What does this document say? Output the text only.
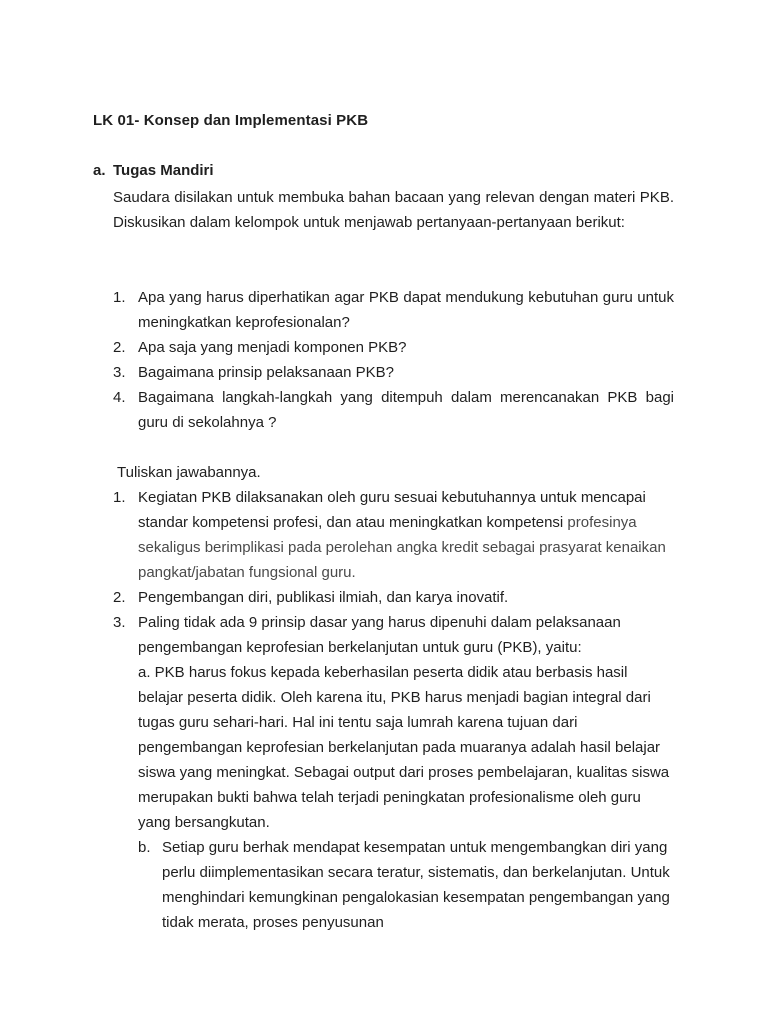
LK 01- Konsep dan Implementasi PKB
a. Tugas Mandiri
Saudara disilakan untuk membuka bahan bacaan yang relevan dengan materi PKB. Diskusikan dalam kelompok untuk menjawab pertanyaan-pertanyaan berikut:
1. Apa yang harus diperhatikan agar PKB dapat mendukung kebutuhan guru untuk meningkatkan keprofesionalan?
2. Apa saja yang menjadi komponen PKB?
3. Bagaimana prinsip pelaksanaan PKB?
4. Bagaimana langkah-langkah yang ditempuh dalam merencanakan PKB bagi guru di sekolahnya ?
Tuliskan jawabannya.
1. Kegiatan PKB dilaksanakan oleh guru sesuai kebutuhannya untuk mencapai standar kompetensi profesi, dan atau meningkatkan kompetensi profesinya sekaligus berimplikasi pada perolehan angka kredit sebagai prasyarat kenaikan pangkat/jabatan fungsional guru.
2. Pengembangan diri, publikasi ilmiah, dan karya inovatif.
3. Paling tidak ada 9 prinsip dasar yang harus dipenuhi dalam pelaksanaan pengembangan keprofesian berkelanjutan untuk guru (PKB), yaitu:
a. PKB harus fokus kepada keberhasilan peserta didik atau berbasis hasil belajar peserta didik. Oleh karena itu, PKB harus menjadi bagian integral dari tugas guru sehari-hari. Hal ini tentu saja lumrah karena tujuan dari pengembangan keprofesian berkelanjutan pada muaranya adalah hasil belajar siswa yang meningkat. Sebagai output dari proses pembelajaran, kualitas siswa merupakan bukti bahwa telah terjadi peningkatan profesionalisme oleh guru yang bersangkutan.
b. Setiap guru berhak mendapat kesempatan untuk mengembangkan diri yang perlu diimplementasikan secara teratur, sistematis, dan berkelanjutan. Untuk menghindari kemungkinan pengalokasian kesempatan pengembangan yang tidak merata, proses penyusunan
